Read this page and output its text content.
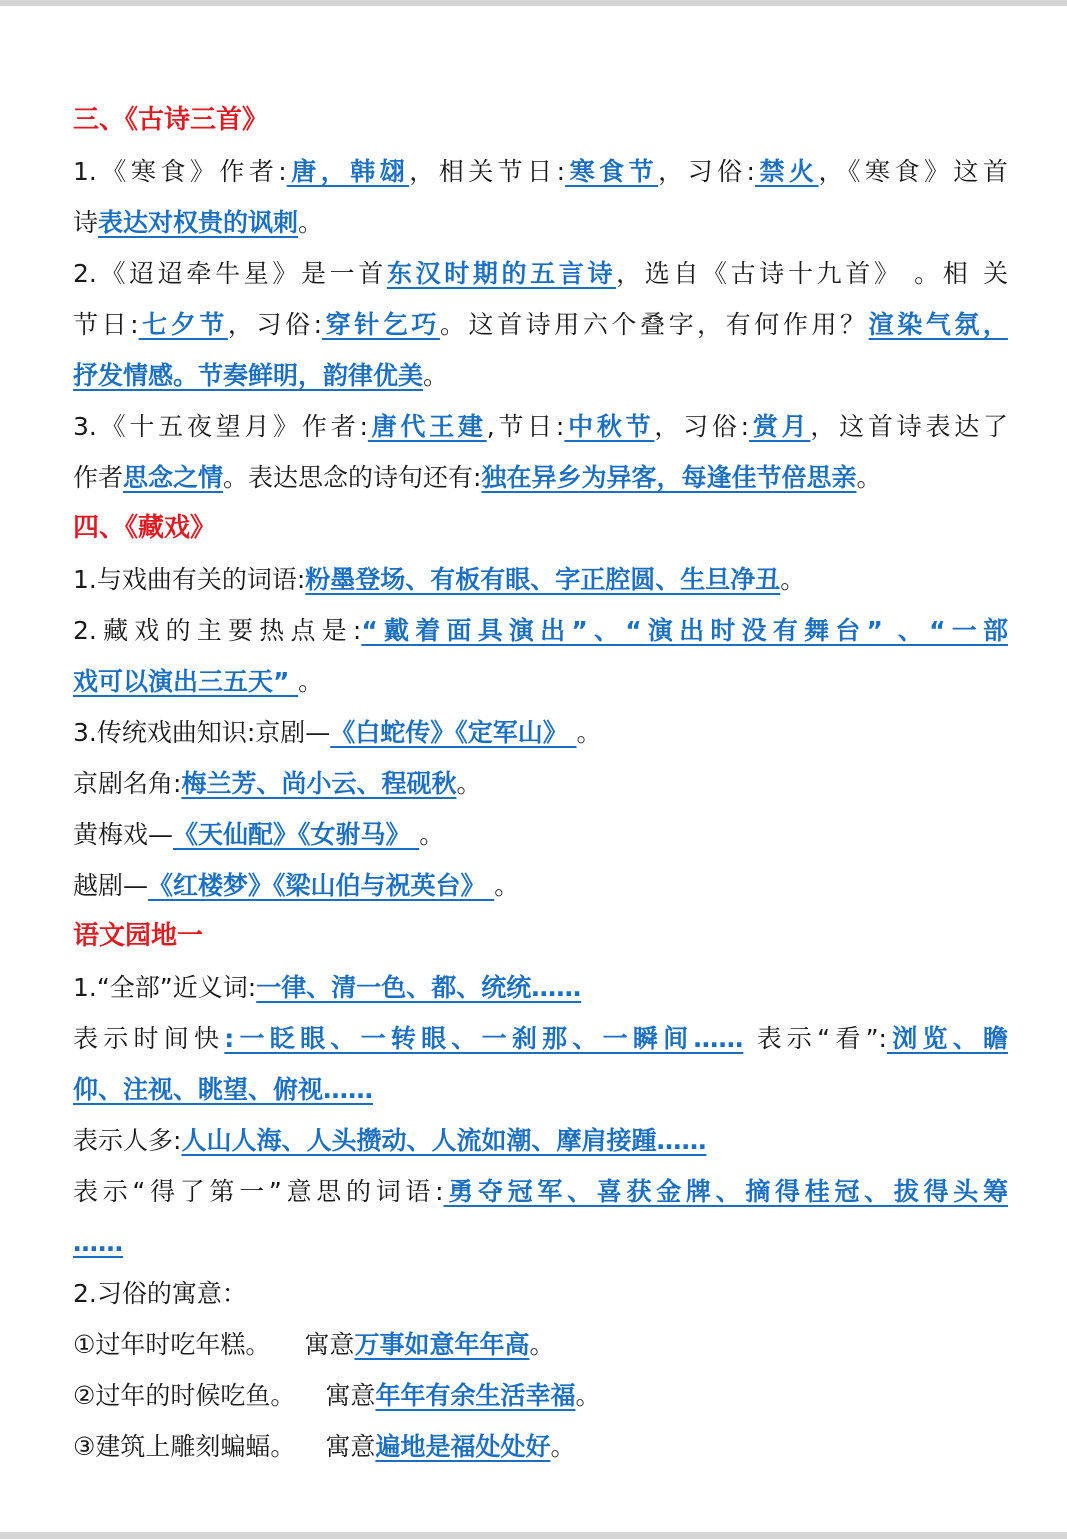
三、《古诗三首》
1.《寒食》作者:唐，韩翃，相关节日:寒食节，习俗:禁火，《寒食》这首
诗表达对权贵的讽刺。
2.《迢迢牵牛星》是一首东汉时期的五言诗，选自《古诗十九首》 。相 关
节日:七夕节，习俗:穿针乞巧。这首诗用六个叠字，有何作用？渲染气氛，
抒发情感。节奏鲜明，韵律优美。
3.《十五夜望月》作者:唐代王建,节日:中秋节，习俗:赏月，这首诗表达了
作者思念之情。表达思念的诗句还有:独在异乡为异客，每逢佳节倍思亲。
四、《藏戏》
1.与戏曲有关的词语:粉墨登场、有板有眼、字正腔圆、生旦净丑。
2.藏戏的主要热点是:“戴着面具演出”、“演出时没有舞台” 、“一部
戏可以演出三五天” 。
3.传统戏曲知识:京剧—《白蛇传》《定军山》 。
京剧名角:梅兰芳、尚小云、程砚秋。
黄梅戏—《天仙配》《女驸马》 。
越剧—《红楼梦》《梁山伯与祝英台》 。
语文园地一
1.“全部”近义词:一律、清一色、都、统统……
表示时间快:一眨眼、一转眼、一刹那、一瞬间…… 表示“看”:浏览、瞻
仰、注视、眺望、俯视……
表示人多:人山人海、人头攒动、人流如潮、摩肩接踵……
表示“得了第一”意思的词语:勇夺冠军、喜获金牌、摘得桂冠、拔得头筹
……
2.习俗的寓意：
①过年时吃年糕。 寓意万事如意年年高。
②过年的时候吃鱼。 寓意年年有余生活幸福。
③建筑上雕刻蝙蝠。 寓意遍地是福处处好。
